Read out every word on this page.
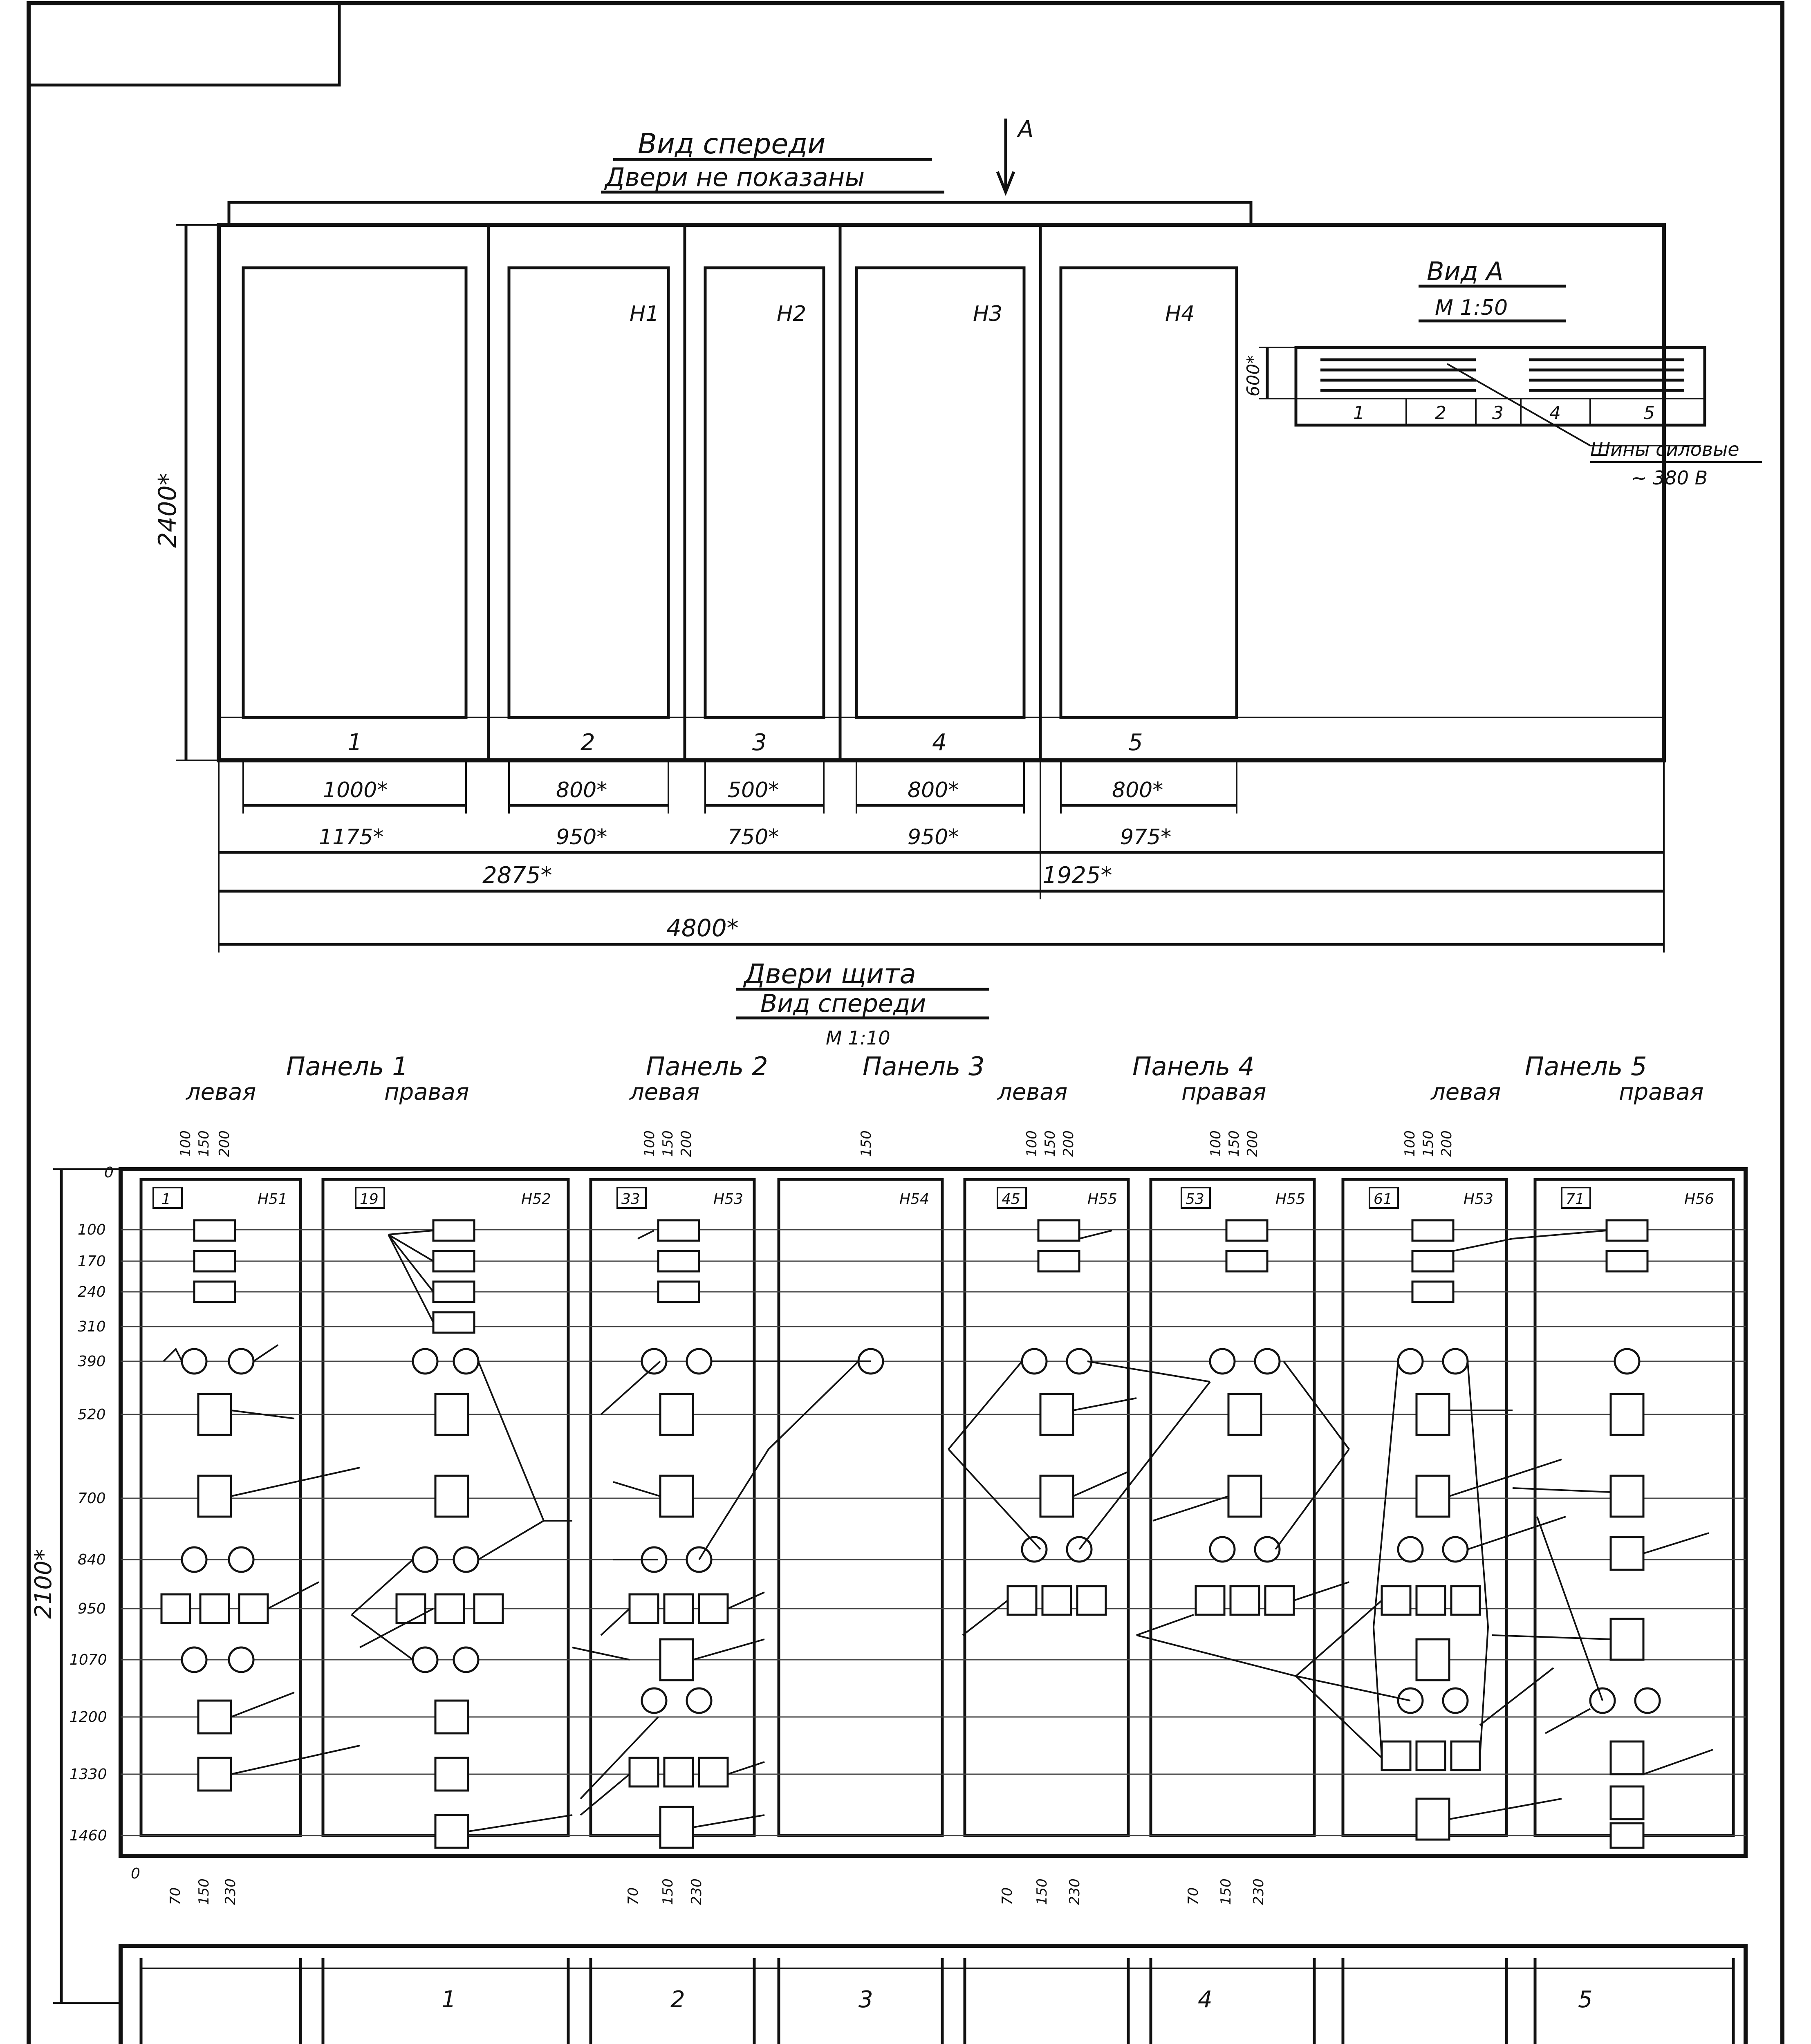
Вид спереди
Двери не показаны
A
H1	H2	H3	H4
1	2	3	4	5
2400*
1000*	800*	500*	800*	800*
1175*	950*	750*	950*	975*
2875*	1925*
4800*
Вид А
М 1:50
600*
1	2	3	4	5
Шины силовые
~ 380 В
Двери щита
Вид спереди
М 1:10
Панель 1	Панель 2	Панель 3	Панель 4	Панель 5
левая	правая	левая	левая	правая	левая	правая
0
100
170
240
310
390
520
700
840
950
1070
1200
1330
1460
0
2100*
1	H51	19	H52	33	H53	H54	45	H55	53	H55	61	H53	71	H56
100 150 200	100 150 200	150	100 150 200	100 150 200	100 150 200
70 150 230	70 150 230	70 150 230	70 150 230
1	2	3	4	5
